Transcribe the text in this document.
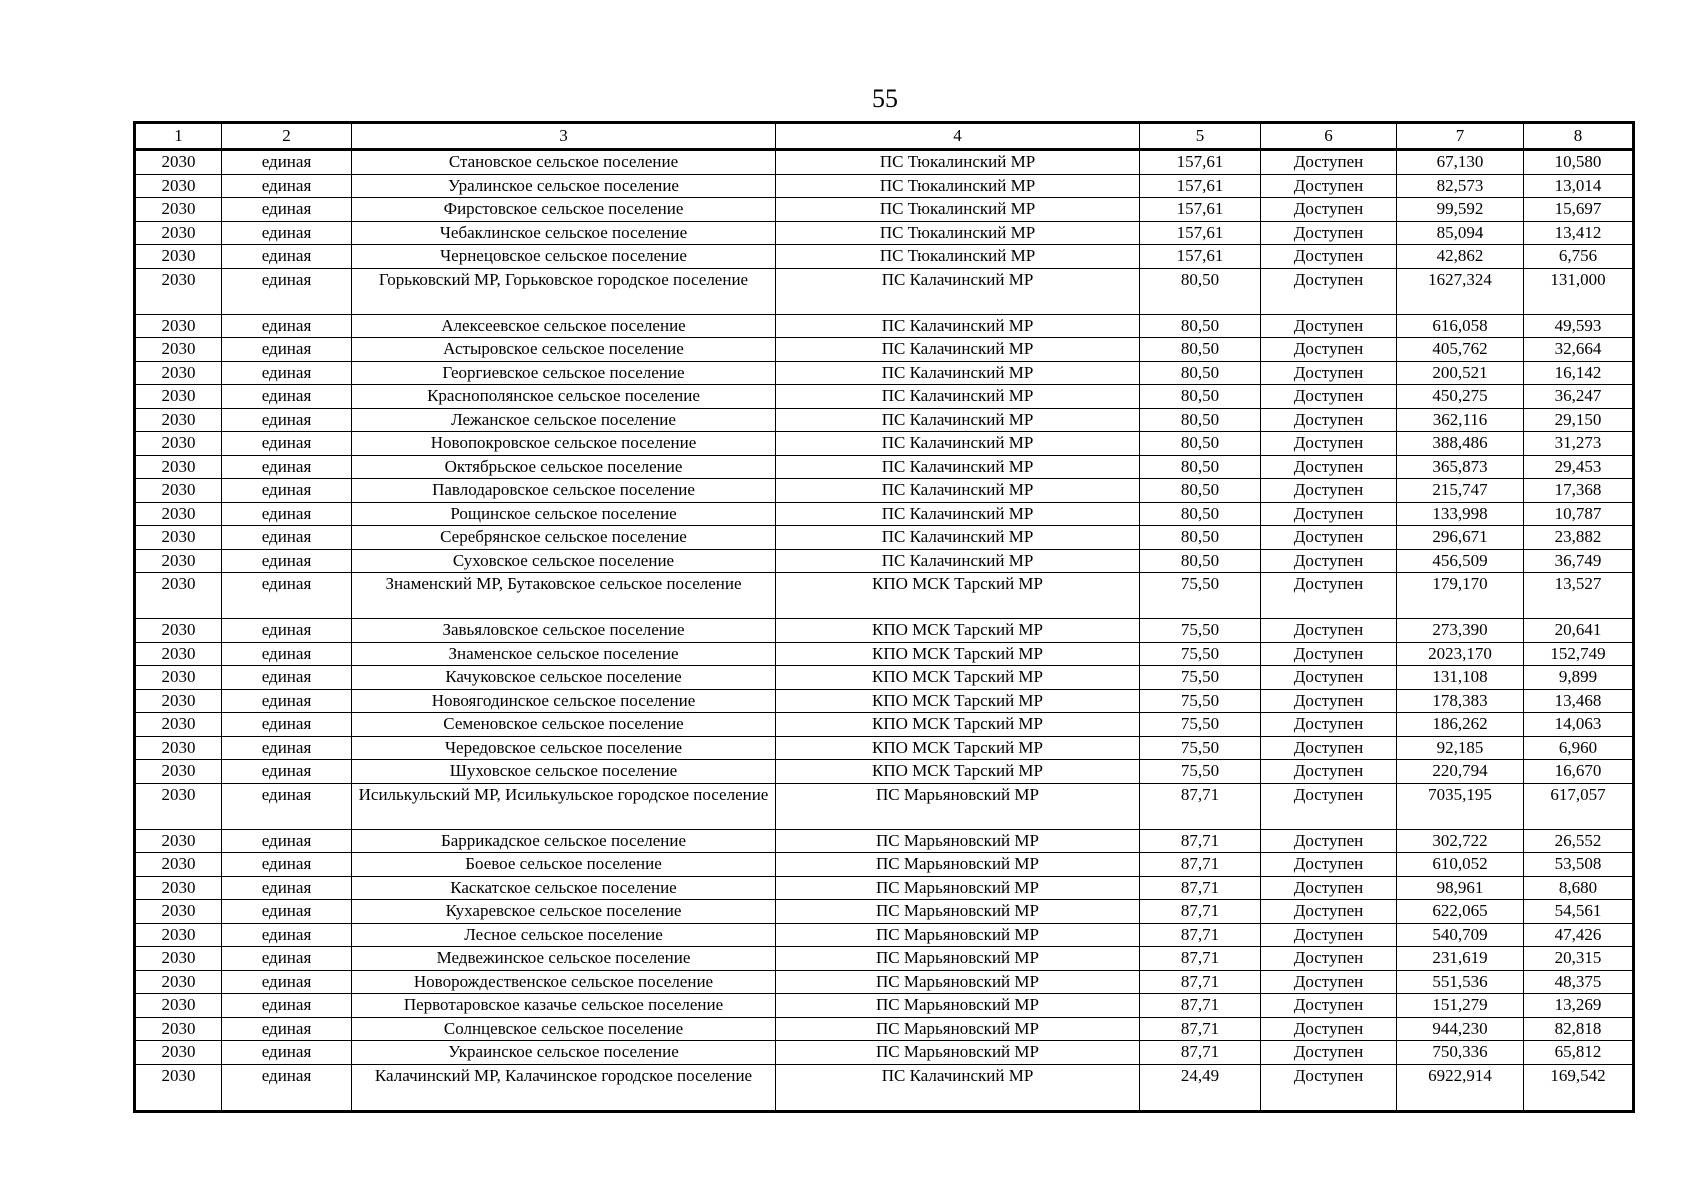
55
1	2	3	4	5	6	7	8
2030	единая	Становское сельское поселение	ПС Тюкалинский МР	157,61	Доступен	67,130	10,580
2030	единая	Уралинское сельское поселение	ПС Тюкалинский МР	157,61	Доступен	82,573	13,014
2030	единая	Фирстовское сельское поселение	ПС Тюкалинский МР	157,61	Доступен	99,592	15,697
2030	единая	Чебаклинское сельское поселение	ПС Тюкалинский МР	157,61	Доступен	85,094	13,412
2030	единая	Чернецовское сельское поселение	ПС Тюкалинский МР	157,61	Доступен	42,862	6,756
2030	единая	Горьковский МР, Горьковское городское поселение	ПС Калачинский МР	80,50	Доступен	1627,324	131,000
2030	единая	Алексеевское сельское поселение	ПС Калачинский МР	80,50	Доступен	616,058	49,593
2030	единая	Астыровское сельское поселение	ПС Калачинский МР	80,50	Доступен	405,762	32,664
2030	единая	Георгиевское сельское поселение	ПС Калачинский МР	80,50	Доступен	200,521	16,142
2030	единая	Краснополянское сельское поселение	ПС Калачинский МР	80,50	Доступен	450,275	36,247
2030	единая	Лежанское сельское поселение	ПС Калачинский МР	80,50	Доступен	362,116	29,150
2030	единая	Новопокровское сельское поселение	ПС Калачинский МР	80,50	Доступен	388,486	31,273
2030	единая	Октябрьское сельское поселение	ПС Калачинский МР	80,50	Доступен	365,873	29,453
2030	единая	Павлодаровское сельское поселение	ПС Калачинский МР	80,50	Доступен	215,747	17,368
2030	единая	Рощинское сельское поселение	ПС Калачинский МР	80,50	Доступен	133,998	10,787
2030	единая	Серебрянское сельское поселение	ПС Калачинский МР	80,50	Доступен	296,671	23,882
2030	единая	Суховское сельское поселение	ПС Калачинский МР	80,50	Доступен	456,509	36,749
2030	единая	Знаменский МР, Бутаковское сельское поселение	КПО МСК Тарский МР	75,50	Доступен	179,170	13,527
2030	единая	Завьяловское сельское поселение	КПО МСК Тарский МР	75,50	Доступен	273,390	20,641
2030	единая	Знаменское сельское поселение	КПО МСК Тарский МР	75,50	Доступен	2023,170	152,749
2030	единая	Качуковское сельское поселение	КПО МСК Тарский МР	75,50	Доступен	131,108	9,899
2030	единая	Новоягодинское сельское поселение	КПО МСК Тарский МР	75,50	Доступен	178,383	13,468
2030	единая	Семеновское сельское поселение	КПО МСК Тарский МР	75,50	Доступен	186,262	14,063
2030	единая	Чередовское сельское поселение	КПО МСК Тарский МР	75,50	Доступен	92,185	6,960
2030	единая	Шуховское сельское поселение	КПО МСК Тарский МР	75,50	Доступен	220,794	16,670
2030	единая	Исилькульский МР, Исилькульское городское поселение	ПС Марьяновский МР	87,71	Доступен	7035,195	617,057
2030	единая	Баррикадское сельское поселение	ПС Марьяновский МР	87,71	Доступен	302,722	26,552
2030	единая	Боевое сельское поселение	ПС Марьяновский МР	87,71	Доступен	610,052	53,508
2030	единая	Каскатское сельское поселение	ПС Марьяновский МР	87,71	Доступен	98,961	8,680
2030	единая	Кухаревское сельское поселение	ПС Марьяновский МР	87,71	Доступен	622,065	54,561
2030	единая	Лесное сельское поселение	ПС Марьяновский МР	87,71	Доступен	540,709	47,426
2030	единая	Медвежинское сельское поселение	ПС Марьяновский МР	87,71	Доступен	231,619	20,315
2030	единая	Новорождественское сельское поселение	ПС Марьяновский МР	87,71	Доступен	551,536	48,375
2030	единая	Первотаровское казачье сельское поселение	ПС Марьяновский МР	87,71	Доступен	151,279	13,269
2030	единая	Солнцевское сельское поселение	ПС Марьяновский МР	87,71	Доступен	944,230	82,818
2030	единая	Украинское сельское поселение	ПС Марьяновский МР	87,71	Доступен	750,336	65,812
2030	единая	Калачинский МР, Калачинское городское поселение	ПС Калачинский МР	24,49	Доступен	6922,914	169,542
